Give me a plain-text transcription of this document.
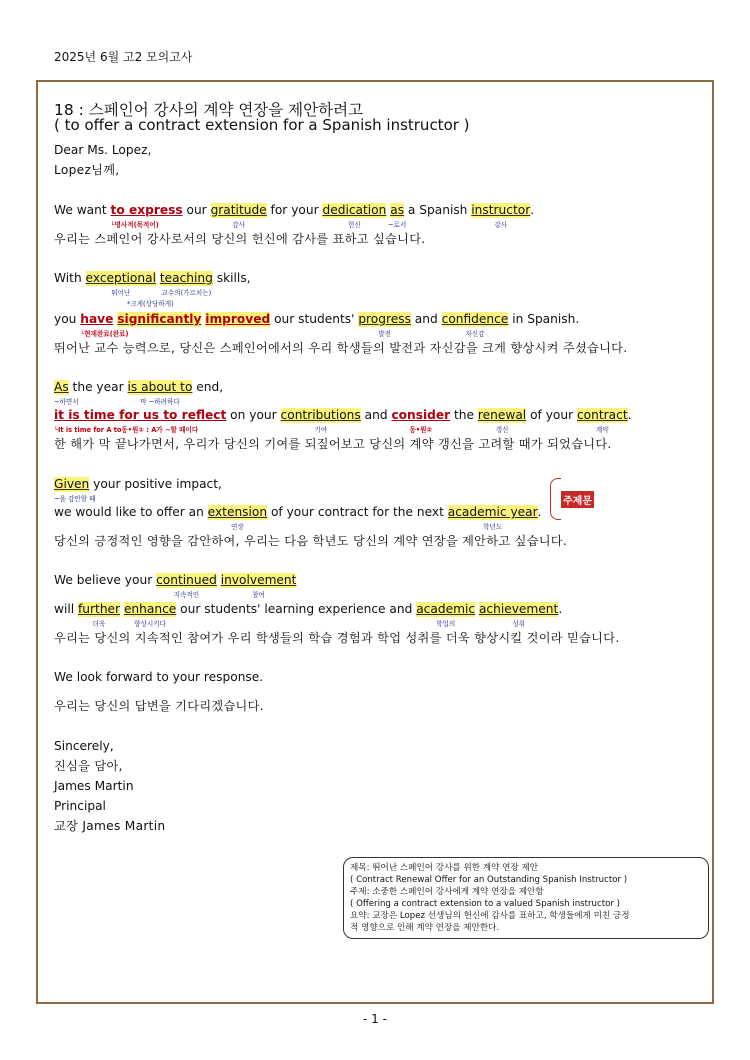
2025년 6월 고2 모의고사
18 : 스페인어 강사의 계약 연장을 제안하려고
( to offer a contract extension for a Spanish instructor )
Dear Ms. Lopez,
Lopez님께,
We want to express
└명사적(목적어)
our gratitude
감사
for your dedication
헌신
as
~로서
a Spanish instructor
강사
.
우리는 스페인어 강사로서의 당신의 헌신에 감사를 표하고 싶습니다.
With exceptional
뛰어난
teaching
교수의(가르치는)
skills,
*크게(상당하게)
you have
└현재완료(완료)
significantly improved our students' progress
발전
and confidence
자신감
in Spanish.
뛰어난 교수 능력으로, 당신은 스페인어에서의 우리 학생들의 발전과 자신감을 크게 향상시켜 주셨습니다.
As
~하면서
the year is about to
막 ~하려하다
end,
it is time for us to reflect
└It is time for A to동•원① : A가 ~할 때이다
on your contributions
기여
and consider
동•원②
the renewal
갱신
of your contract
계약
.
한 해가 막 끝나가면서, 우리가 당신의 기여를 되짚어보고 당신의 계약 갱신을 고려할 때가 되었습니다.
Given
~을 감안할 때
your positive impact,
we would like to offer an extension
연장
of your contract for the next academic year
학년도
.
주제문
당신의 긍정적인 영향을 감안하여, 우리는 다음 학년도 당신의 계약 연장을 제안하고 싶습니다.
We believe your continued
지속적인
involvement
참여
will further
더욱
enhance
향상시키다
our students' learning experience and academic
학업의
achievement
성취
.
우리는 당신의 지속적인 참여가 우리 학생들의 학습 경험과 학업 성취를 더욱 향상시킬 것이라 믿습니다.
We look forward to your response.
우리는 당신의 답변을 기다리겠습니다.
Sincerely,
진심을 담아,
James Martin
Principal
교장 James Martin
제목: 뛰어난 스페인어 강사를 위한 계약 연장 제안
( Contract Renewal Offer for an Outstanding Spanish Instructor )
주제: 소중한 스페인어 강사에게 계약 연장을 제안함
( Offering a contract extension to a valued Spanish instructor )
요약: 교장은 Lopez 선생님의 헌신에 감사를 표하고, 학생들에게 미친 긍정
적 영향으로 인해 계약 연장을 제안한다.
- 1 -
